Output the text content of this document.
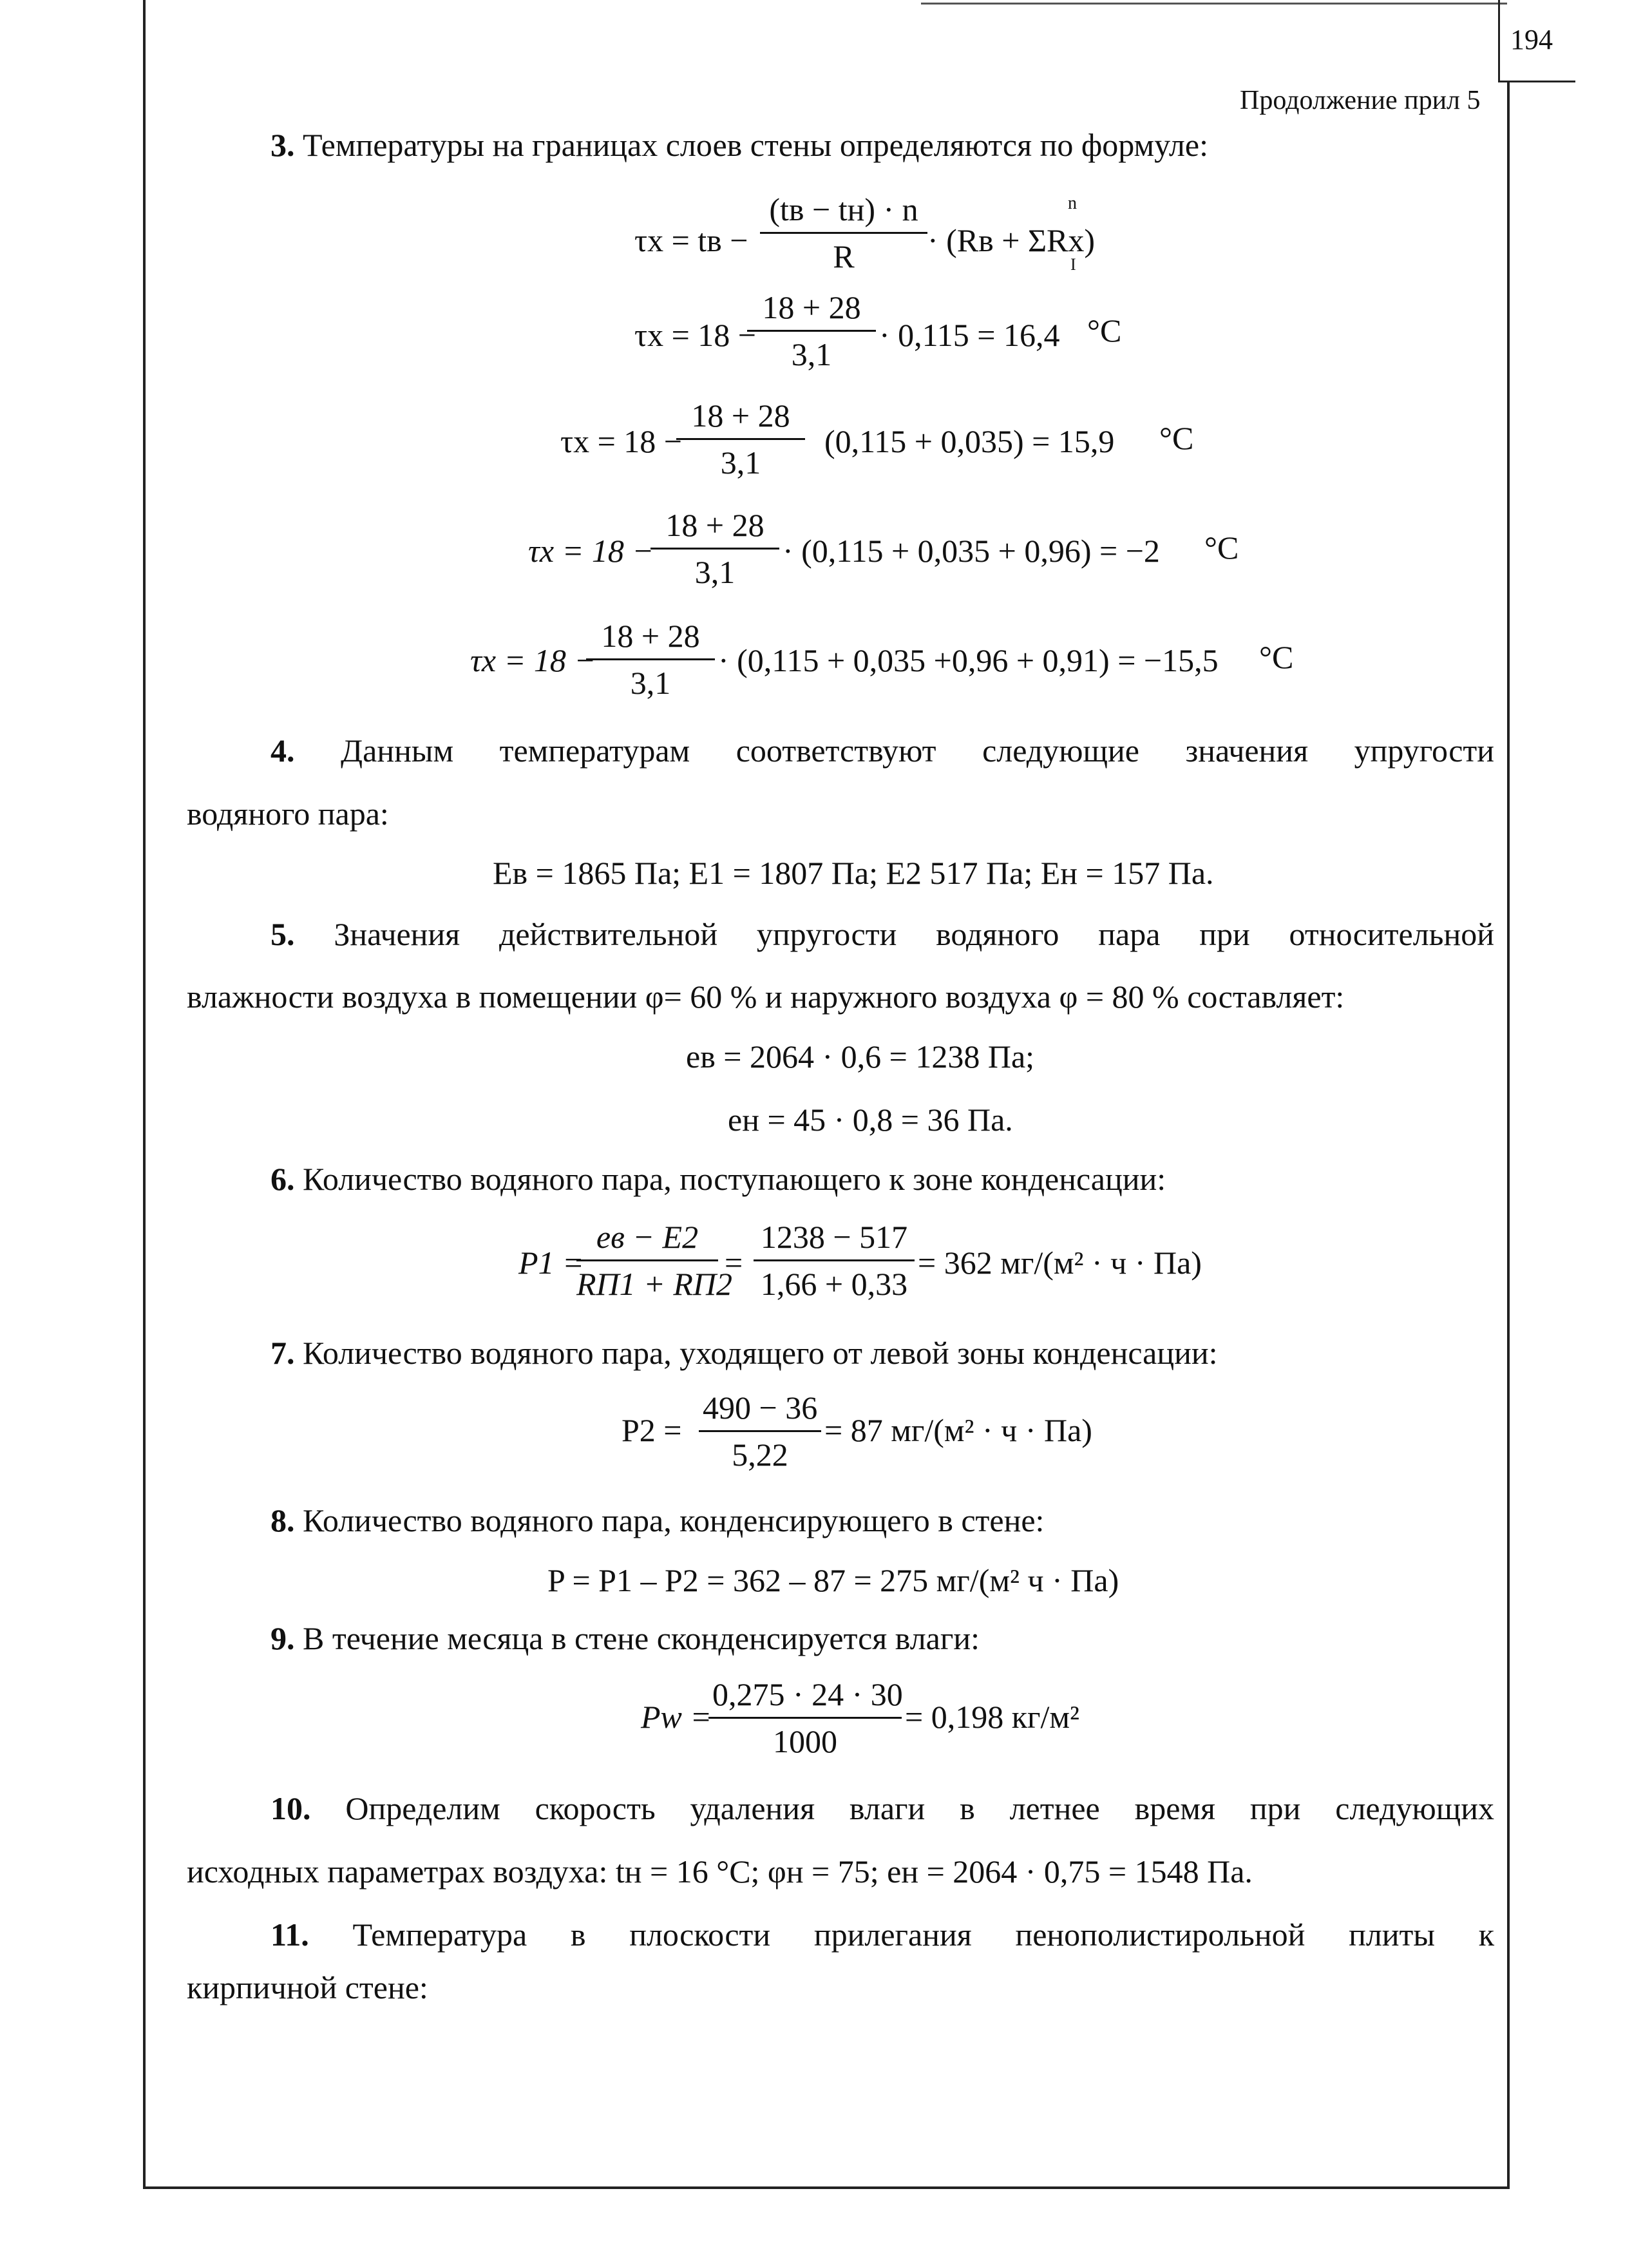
194
Продолжение прил 5
3. Температуры на границах слоев стены определяются по формуле:
τx = tв −
(tв − tн) · n
R	· (Rв + ΣRx)
n
I
τx = 18 −
18 + 28
3,1
· 0,115 = 16,4 °С
τx = 18 −
18 + 28
3,1
(0,115 + 0,035) = 15,9 °С
τx = 18 −
18 + 28
3,1
· (0,115 + 0,035 + 0,96) = −2 °С
τx = 18 −
18 + 28
3,1
· (0,115 + 0,035 +0,96 + 0,91) = −15,5 °С
4. Данным температурам соответствуют следующие значения упругости
водяного пара:
Eв = 1865 Па; E1 = 1807 Па; E2 517 Па; Eн = 157 Па.
5. Значения действительной упругости водяного пара при относительной
влажности воздуха в помещении φ= 60 % и наружного воздуха φ = 80 % составляет:
ев = 2064 · 0,6 = 1238 Па;
ен = 45 · 0,8 = 36 Па.
6. Количество водяного пара, поступающего к зоне конденсации:
P1 =
ев − E2
RП1 + RП2
=
1238 − 517
1,66 + 0,33
= 362 мг/(м² · ч · Па)
7. Количество водяного пара, уходящего от левой зоны конденсации:
P2 =
490 − 36
5,22
= 87 мг/(м² · ч · Па)
8. Количество водяного пара, конденсирующего в стене:
P = P1 – P2 = 362 – 87 = 275 мг/(м² ч · Па)
9. В течение месяца в стене сконденсируется влаги:
Pw =
0,275 · 24 · 30
1000
= 0,198 кг/м²
10. Определим скорость удаления влаги в летнее время при следующих
исходных параметрах воздуха: tн = 16 °С; φн = 75; ен = 2064 · 0,75 = 1548 Па.
11. Температура в плоскости прилегания пенополистирольной плиты к
кирпичной стене:
